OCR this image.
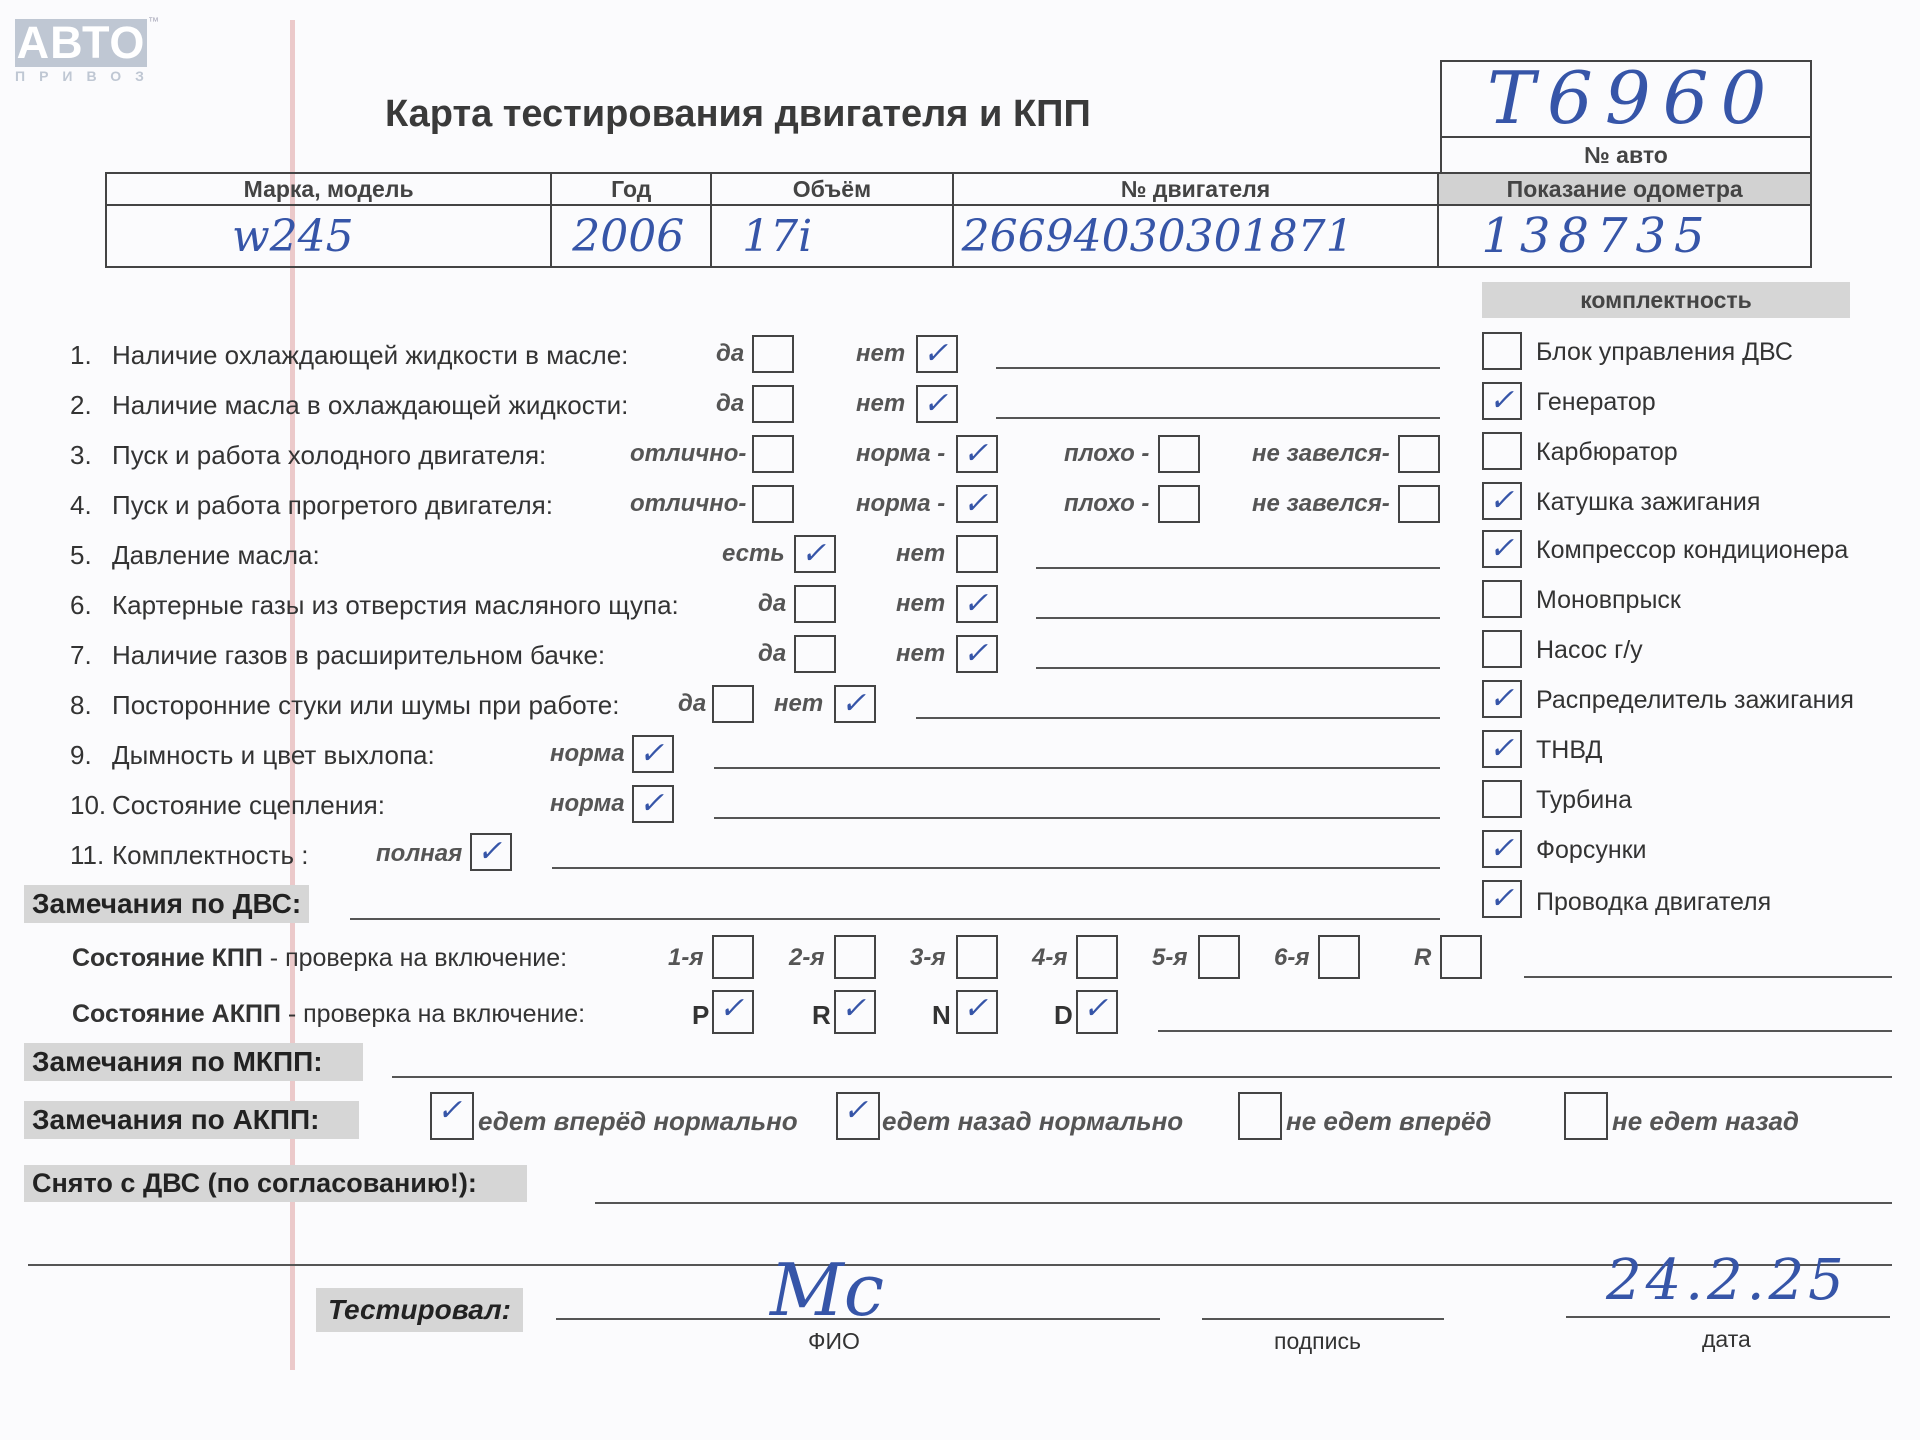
АВТО ™
ПРИВОЗ
Карта тестирования двигателя и КПП	Т6960
№ авто
Марка, модель	Год	Объём	№ двигателя	Показание одометра
w245	2006	17i	26694030301871	138735
комплектность
1. Наличие охлаждающей жидкости в масле:	да	нет ✓
2. Наличие масла в охлаждающей жидкости:	да	нет ✓
3. Пуск и работа холодного двигателя:	отлично-	норма - ✓	плохо -	не завелся-
4. Пуск и работа прогретого двигателя:	отлично-	норма - ✓	плохо -	не завелся-
5. Давление масла:	есть ✓	нет
6. Картерные газы из отверстия масляного щупа:	да	нет ✓
7. Наличие газов в расширительном бачке:	да	нет ✓
8. Посторонние стуки или шумы при работе: да	нет ✓
9. Дымность и цвет выхлопа:	норма ✓
10. Состояние сцепления:	норма ✓
11. Комплектность :	полная ✓
Блок управления ДВС
✓ Генератор
Карбюратор
✓ Катушка зажигания
✓ Компрессор кондиционера
Моновпрыск
Насос г/у
✓ Распределитель зажигания
✓ ТНВД
Турбина
✓ Форсунки
✓ Проводка двигателя
Замечания по ДВС:
Состояние КПП - проверка на включение:	1-я	2-я	3-я	4-я	5-я	6-я	R
Состояние АКПП - проверка на включение:	P ✓	R ✓	N ✓	D ✓
Замечания по МКПП:
Замечания по АКПП:	✓ едет вперёд нормально ✓ едет назад нормально	не едет вперёд	не едет назад
Снято с ДВС (по согласованию!):
Тестировал:	Mc
ФИО	подпись
24.2.25
дата
